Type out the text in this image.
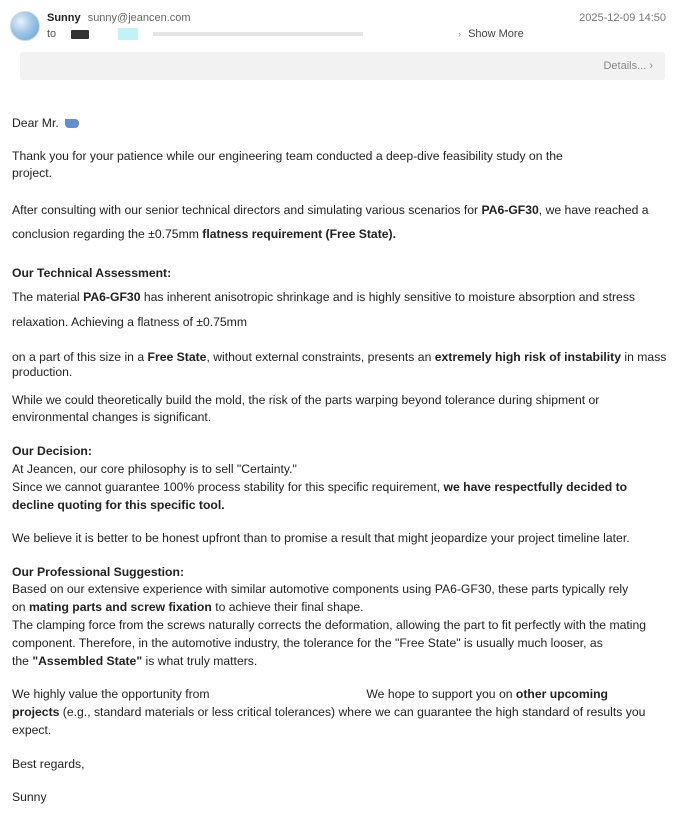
Sunny sunny@jeancen.com
to	› Show More
2025-12-09 14:50
Details... ›

Dear Mr.

Thank you for your patience while our engineering team conducted a deep-dive feasibility study on the

project.

After consulting with our senior technical directors and simulating various scenarios for PA6-GF30, we have reached a

conclusion regarding the ±0.75mm flatness requirement (Free State).

Our Technical Assessment:

The material PA6-GF30 has inherent anisotropic shrinkage and is highly sensitive to moisture absorption and stress

relaxation. Achieving a flatness of ±0.75mm

on a part of this size in a Free State, without external constraints, presents an extremely high risk of instability in mass

production.

While we could theoretically build the mold, the risk of the parts warping beyond tolerance during shipment or

environmental changes is significant.

Our Decision:

At Jeancen, our core philosophy is to sell "Certainty."

Since we cannot guarantee 100% process stability for this specific requirement, we have respectfully decided to

decline quoting for this specific tool.

We believe it is better to be honest upfront than to promise a result that might jeopardize your project timeline later.

Our Professional Suggestion:

Based on our extensive experience with similar automotive components using PA6-GF30, these parts typically rely

on mating parts and screw fixation to achieve their final shape.

The clamping force from the screws naturally corrects the deformation, allowing the part to fit perfectly with the mating

component. Therefore, in the automotive industry, the tolerance for the "Free State" is usually much looser, as

the "Assembled State" is what truly matters.

We highly value the opportunity from	We hope to support you on other upcoming

projects (e.g., standard materials or less critical tolerances) where we can guarantee the high standard of results you

expect.

Best regards,

Sunny
